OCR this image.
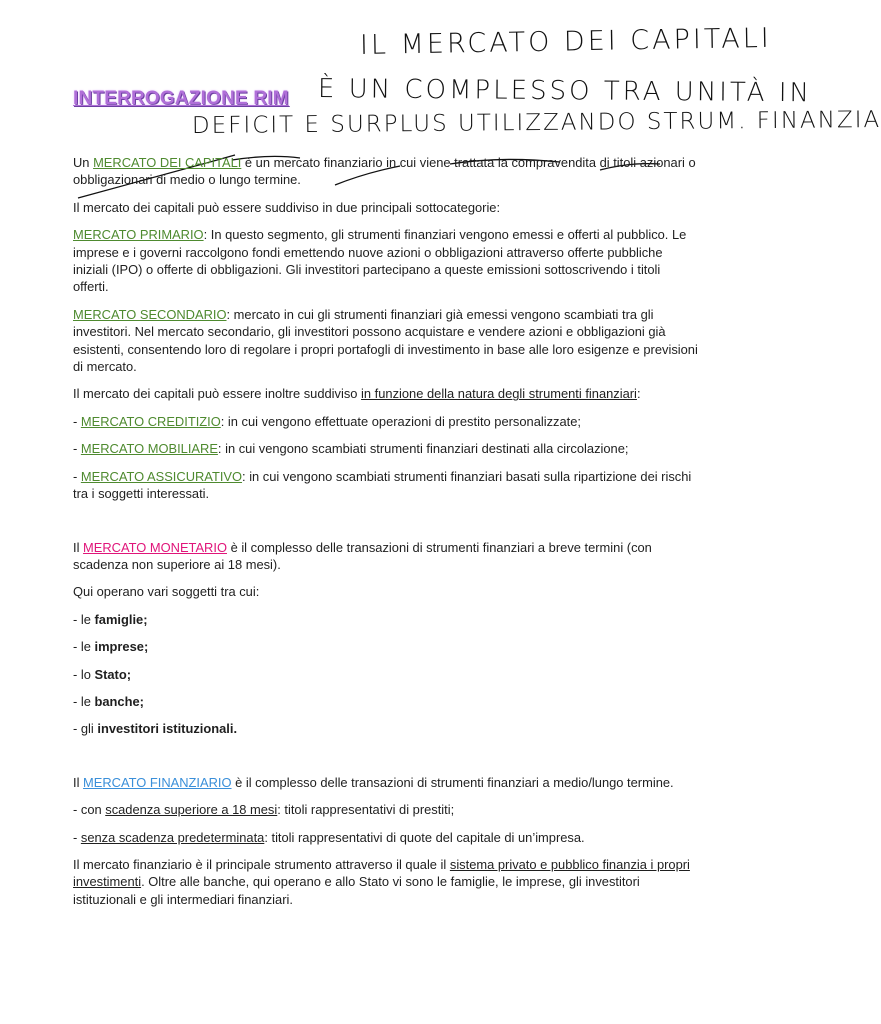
INTERROGAZIONE RIM
IL MERCATO DEI CAPITALI
È UN COMPLESSO TRA UNITÀ IN
DEFICIT E SURPLUS UTILIZZANDO STRUM. FINANZIA

Un MERCATO DEI CAPITALI è un mercato finanziario in cui viene trattata la compravendita di titoli azionari o obbligazionari di medio o lungo termine.

Il mercato dei capitali può essere suddiviso in due principali sottocategorie:

MERCATO PRIMARIO: In questo segmento, gli strumenti finanziari vengono emessi e offerti al pubblico. Le imprese e i governi raccolgono fondi emettendo nuove azioni o obbligazioni attraverso offerte pubbliche iniziali (IPO) o offerte di obbligazioni. Gli investitori partecipano a queste emissioni sottoscrivendo i titoli offerti.

MERCATO SECONDARIO: mercato in cui gli strumenti finanziari già emessi vengono scambiati tra gli investitori. Nel mercato secondario, gli investitori possono acquistare e vendere azioni e obbligazioni già esistenti, consentendo loro di regolare i propri portafogli di investimento in base alle loro esigenze e previsioni di mercato.

Il mercato dei capitali può essere inoltre suddiviso in funzione della natura degli strumenti finanziari:

- MERCATO CREDITIZIO: in cui vengono effettuate operazioni di prestito personalizzate;

- MERCATO MOBILIARE: in cui vengono scambiati strumenti finanziari destinati alla circolazione;

- MERCATO ASSICURATIVO: in cui vengono scambiati strumenti finanziari basati sulla ripartizione dei rischi tra i soggetti interessati.

Il MERCATO MONETARIO è il complesso delle transazioni di strumenti finanziari a breve termini (con scadenza non superiore ai 18 mesi).

Qui operano vari soggetti tra cui:

- le famiglie;

- le imprese;

- lo Stato;

- le banche;

- gli investitori istituzionali.

Il MERCATO FINANZIARIO è il complesso delle transazioni di strumenti finanziari a medio/lungo termine.

- con scadenza superiore a 18 mesi: titoli rappresentativi di prestiti;

- senza scadenza predeterminata: titoli rappresentativi di quote del capitale di un’impresa.

Il mercato finanziario è il principale strumento attraverso il quale il sistema privato e pubblico finanzia i propri investimenti. Oltre alle banche, qui operano e allo Stato vi sono le famiglie, le imprese, gli investitori istituzionali e gli intermediari finanziari.
